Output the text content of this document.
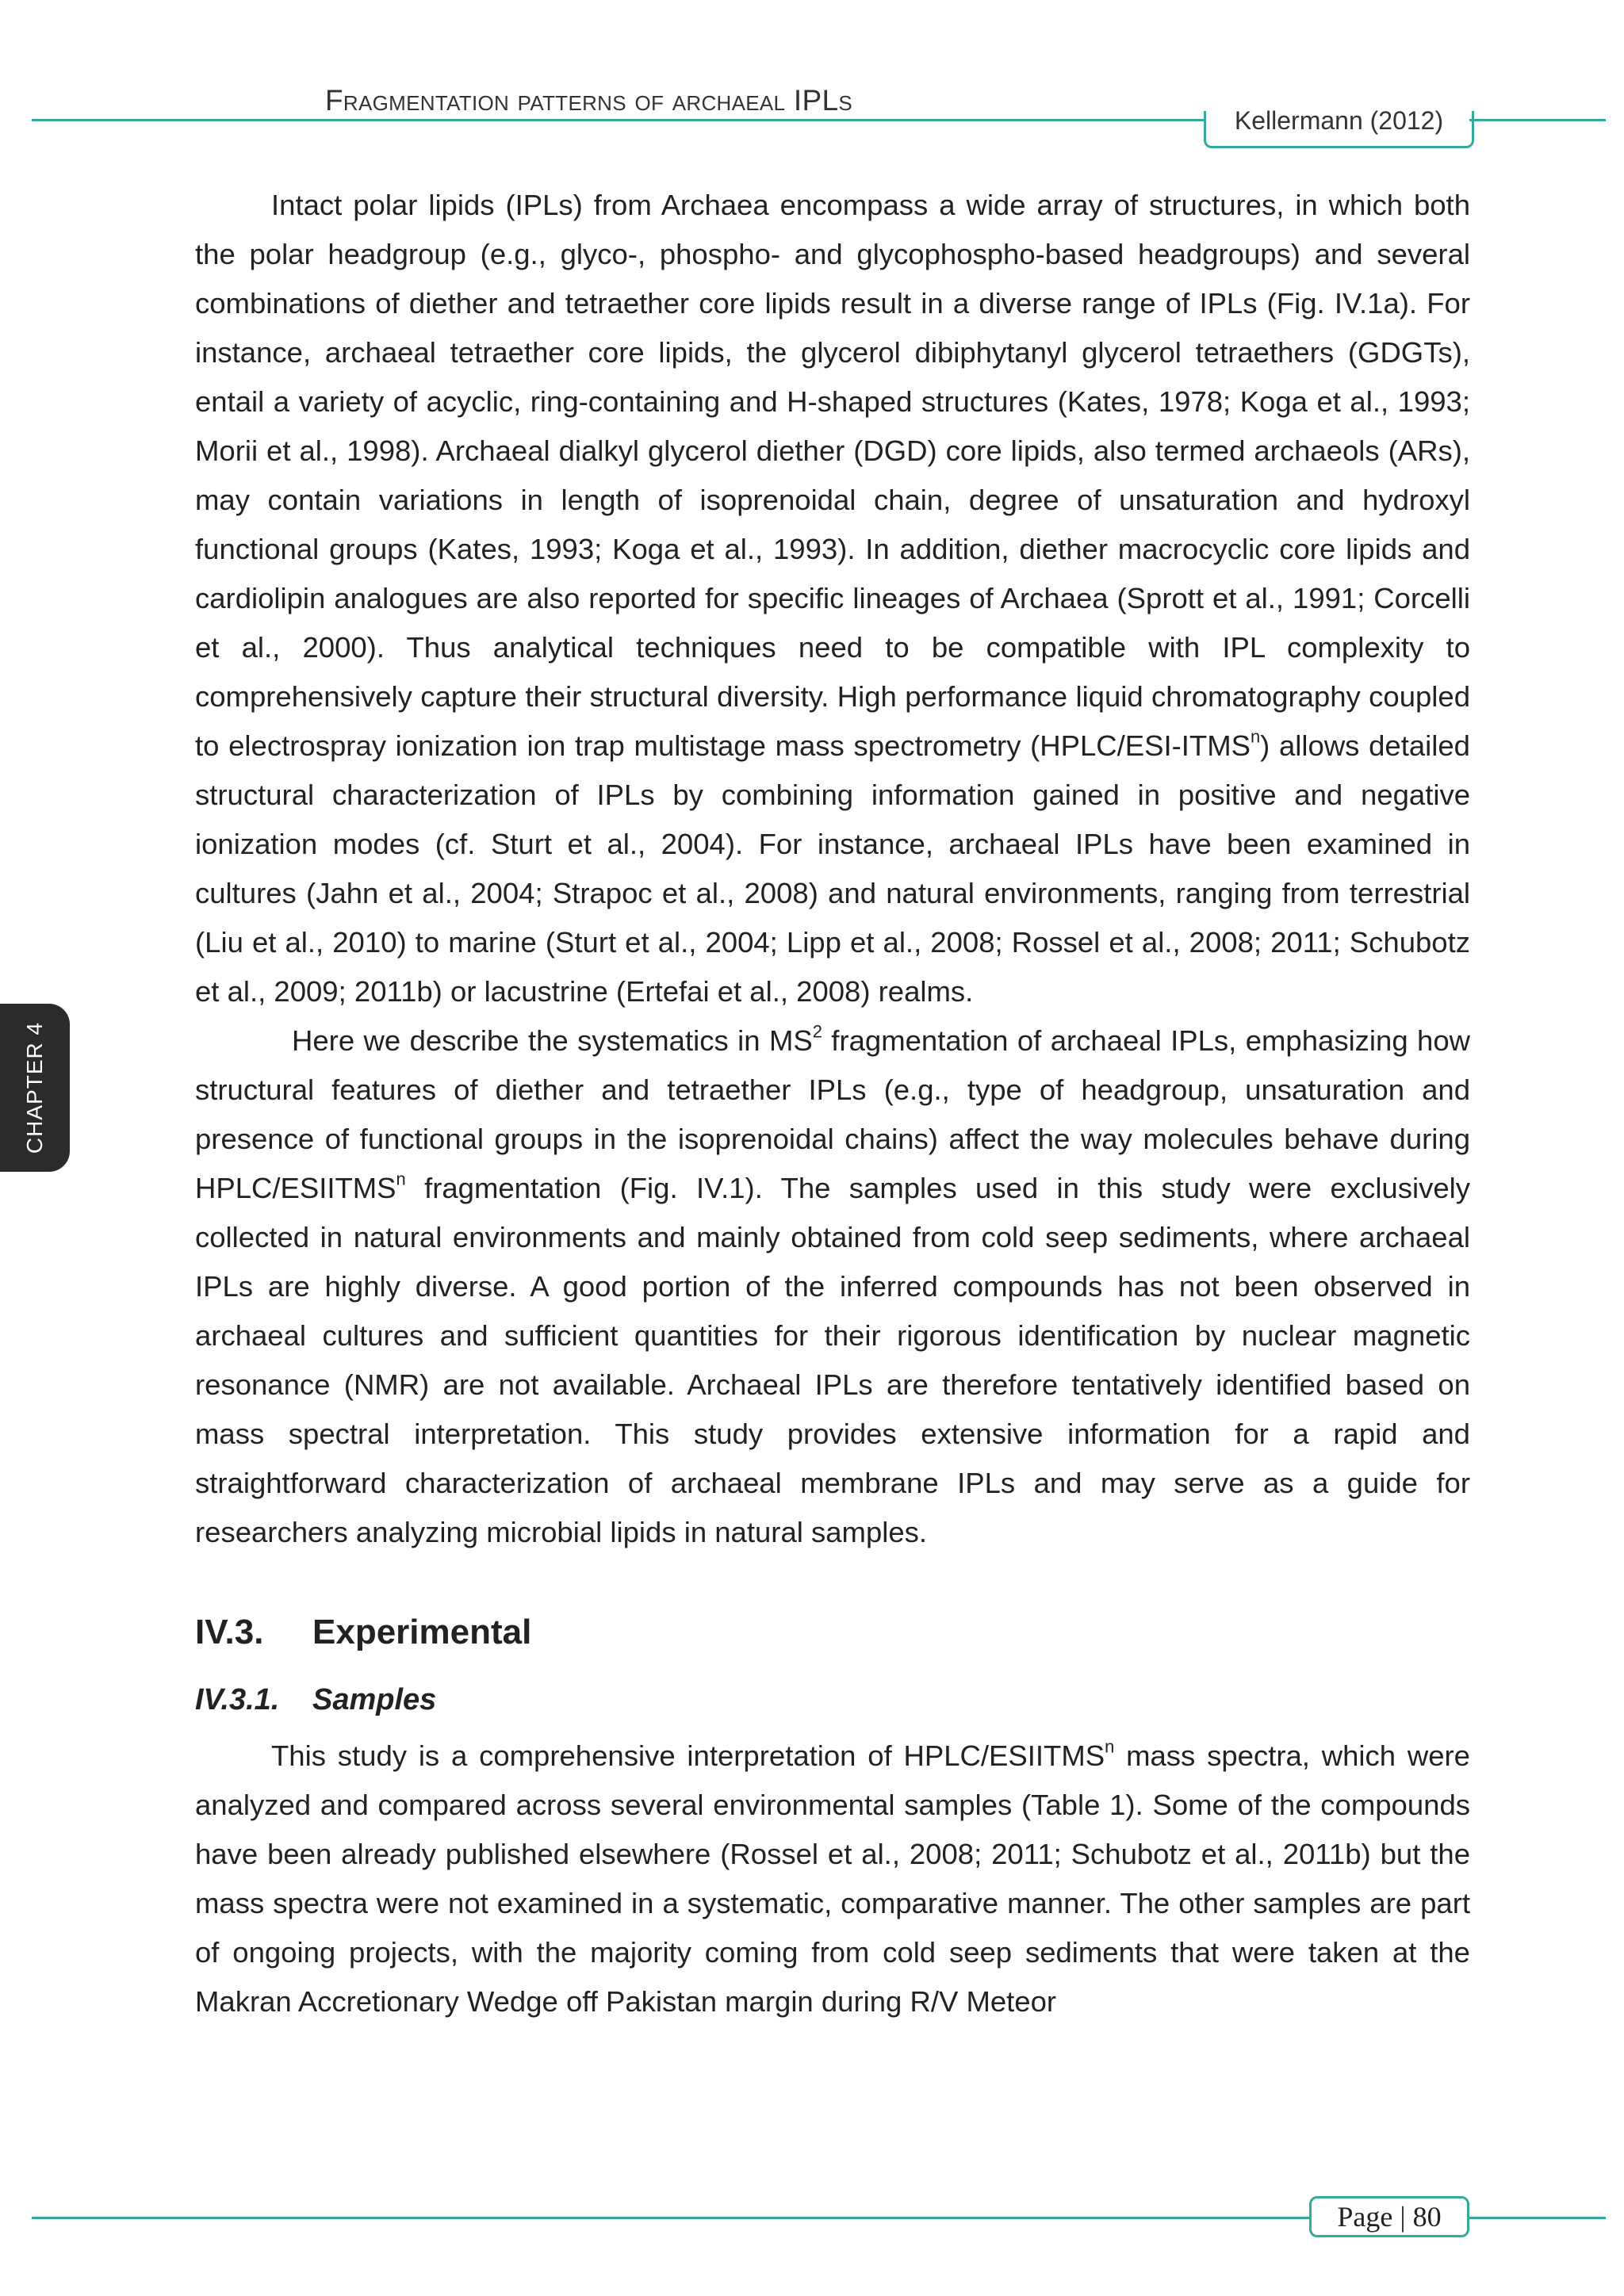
Fragmentation patterns of archaeal IPLs
Kellermann (2012)
CHAPTER 4

Intact polar lipids (IPLs) from Archaea encompass a wide array of structures, in which both the polar headgroup (e.g., glyco-, phospho- and glycophospho-based headgroups) and several combinations of diether and tetraether core lipids result in a diverse range of IPLs (Fig. IV.1a). For instance, archaeal tetraether core lipids, the glycerol dibiphytanyl glycerol tetraethers (GDGTs), entail a variety of acyclic, ring-containing and H-shaped structures (Kates, 1978; Koga et al., 1993; Morii et al., 1998). Archaeal dialkyl glycerol diether (DGD) core lipids, also termed archaeols (ARs), may contain variations in length of isoprenoidal chain, degree of unsaturation and hydroxyl functional groups (Kates, 1993; Koga et al., 1993). In addition, diether macrocyclic core lipids and cardiolipin analogues are also reported for specific lineages of Archaea (Sprott et al., 1991; Corcelli et al., 2000). Thus analytical techniques need to be compatible with IPL complexity to comprehensively capture their structural diversity. High performance liquid chromatography coupled to electrospray ionization ion trap multistage mass spectrometry (HPLC/ESI-ITMS$^n$) allows detailed structural characterization of IPLs by combining information gained in positive and negative ionization modes (cf. Sturt et al., 2004). For instance, archaeal IPLs have been examined in cultures (Jahn et al., 2004; Strapoc et al., 2008) and natural environments, ranging from terrestrial (Liu et al., 2010) to marine (Sturt et al., 2004; Lipp et al., 2008; Rossel et al., 2008; 2011; Schubotz et al., 2009; 2011b) or lacustrine (Ertefai et al., 2008) realms.

Here we describe the systematics in $MS^2$ fragmentation of archaeal IPLs, emphasizing how structural features of diether and tetraether IPLs (e.g., type of headgroup, unsaturation and presence of functional groups in the isoprenoidal chains) affect the way molecules behave during HPLC/ESIITMS$^n$ fragmentation (Fig. IV.1). The samples used in this study were exclusively collected in natural environments and mainly obtained from cold seep sediments, where archaeal IPLs are highly diverse. A good portion of the inferred compounds has not been observed in archaeal cultures and sufficient quantities for their rigorous identification by nuclear magnetic resonance (NMR) are not available. Archaeal IPLs are therefore tentatively identified based on mass spectral interpretation. This study provides extensive information for a rapid and straightforward characterization of archaeal membrane IPLs and may serve as a guide for researchers analyzing microbial lipids in natural samples.

IV.3. Experimental
IV.3.1. Samples

This study is a comprehensive interpretation of HPLC/ESIITMS$^n$ mass spectra, which were analyzed and compared across several environmental samples (Table 1). Some of the compounds have been already published elsewhere (Rossel et al., 2008; 2011; Schubotz et al., 2011b) but the mass spectra were not examined in a systematic, comparative manner. The other samples are part of ongoing projects, with the majority coming from cold seep sediments that were taken at the Makran Accretionary Wedge off Pakistan margin during R/V Meteor

Page | 80
